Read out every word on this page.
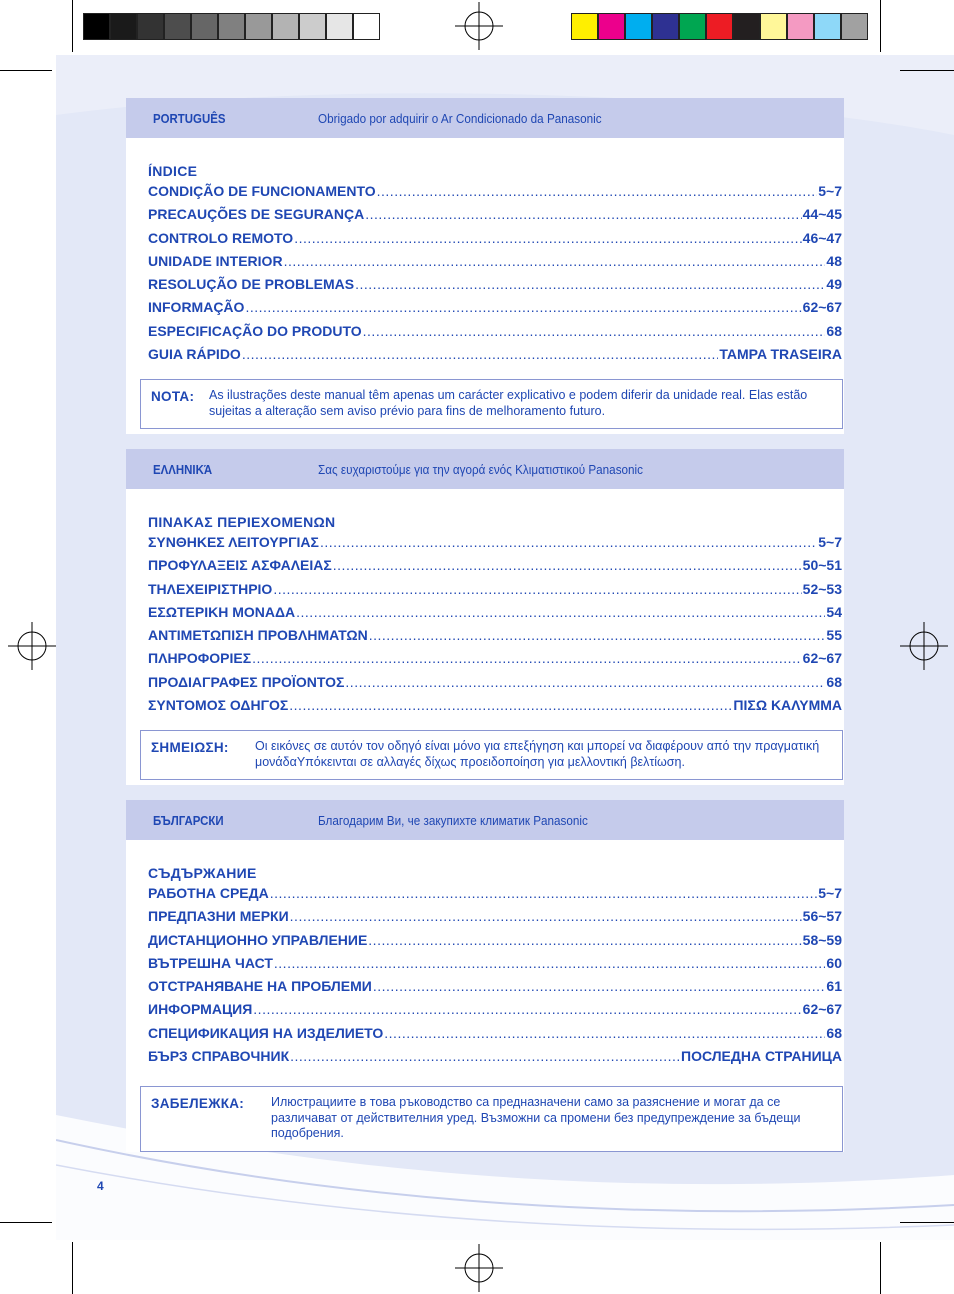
PORTUGUÊS	Obrigado por adquirir o Ar Condicionado da Panasonic
ÍNDICE
CONDIÇÃO DE FUNCIONAMENTO .....	5~7
PRECAUÇÕES DE SEGURANÇA .....	44~45
CONTROLO REMOTO .....	46~47
UNIDADE INTERIOR .....	48
RESOLUÇÃO DE PROBLEMAS .....	49
INFORMAÇÃO .....	62~67
ESPECIFICAÇÃO DO PRODUTO .....	68
GUIA RÁPIDO .....	TAMPA TRASEIRA
NOTA:	As ilustrações deste manual têm apenas um carácter explicativo e podem diferir da unidade real. Elas estão sujeitas a alteração sem aviso prévio para fins de melhoramento futuro.
ΕΛΛΗΝΙΚΆ	Σας ευχαριστούμε για την αγορά ενός Κλιματιστικού Panasonic
ΠΙΝΑΚΑΣ ΠΕΡΙΕΧΟΜΕΝΩΝ
ΣΥΝΘΗΚΕΣ ΛΕΙΤΟΥΡΓΙΑΣ .....	5~7
ΠΡΟΦΥΛΑΞΕΙΣ ΑΣΦΑΛΕΙΑΣ .....	50~51
ΤΗΛΕΧΕΙΡΙΣΤΗΡΙΟ .....	52~53
ΕΣΩΤΕΡΙΚΗ ΜΟΝΑΔΑ .....	54
ΑΝΤΙΜΕΤΩΠΙΣΗ ΠΡΟΒΛΗΜΑΤΩΝ .....	55
ΠΛΗΡΟΦΟΡΙΕΣ .....	62~67
ΠΡΟΔΙΑΓΡΑΦΕΣ ΠΡΟΪΟΝΤΟΣ .....	68
ΣΥΝΤΟΜΟΣ ΟΔΗΓΟΣ .....	ΠΙΣΩ ΚΑΛΥΜΜΑ
ΣΗΜΕΙΩΣΗ:	Οι εικόνες σε αυτόν τον οδηγό είναι μόνο για επεξήγηση και μπορεί να διαφέρουν από την πραγματική μονάδαΥπόκεινται σε αλλαγές δίχως προειδοποίηση για μελλοντική βελτίωση.
БЪЛГАРСКИ	Благодарим Ви, че закупихте климатик Panasonic
СЪДЪРЖАНИЕ
РАБОТНА СРЕДА .....	5~7
ПРЕДПАЗНИ МЕРКИ .....	56~57
ДИСТАНЦИОННО УПРАВЛЕНИЕ .....	58~59
ВЪТРЕШНА ЧАСТ .....	60
ОТСТРАНЯВАНЕ НА ПРОБЛЕМИ .....	61
ИНФОРМАЦИЯ .....	62~67
СПЕЦИФИКАЦИЯ НА ИЗДЕЛИЕТО .....	68
БЪРЗ СПРАВОЧНИК .....	ПОСЛЕДНА СТРАНИЦА
ЗАБЕЛЕЖКА:	Илюстрациите в това ръководство са предназначени само за разяснение и могат да се различават от действителния уред. Възможни са промени без предупреждение за бъдещи подобрения.
4
